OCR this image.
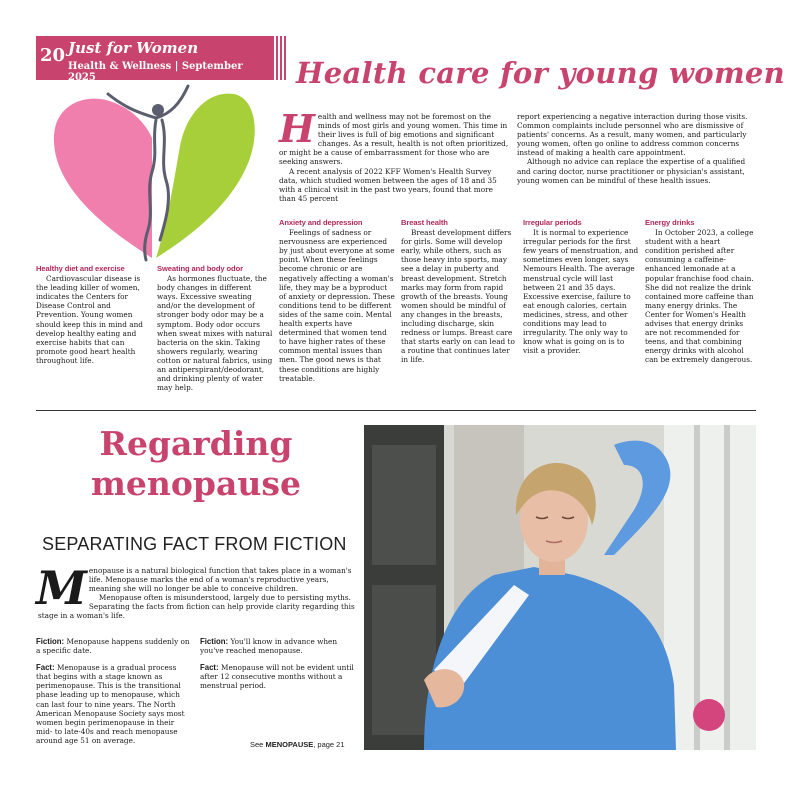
20 Just for Women
Health & Wellness | September 2025	Health care for young women

Health and wellness may not be foremost on the minds of most girls and young women. This time in their lives is full of big emotions and significant changes. As a result, health is not often prioritized, or might be a cause of embarrassment for those who are seeking answers.

A recent analysis of 2022 KFF Women's Health Survey data, which studied women between the ages of 18 and 35 with a clinical visit in the past two years, found that more than 45 percent

report experiencing a negative interaction during those visits. Common complaints include personnel who are dismissive of patients' concerns. As a result, many women, and particularly young women, often go online to address common concerns instead of making a health care appointment.

Although no advice can replace the expertise of a qualified and caring doctor, nurse practitioner or physician's assistant, young women can be mindful of these health issues.

Healthy diet and exercise

Cardiovascular disease is the leading killer of women, indicates the Centers for Disease Control and Prevention. Young women should keep this in mind and develop healthy eating and exercise habits that can promote good heart health throughout life.

Sweating and body odor

As hormones fluctuate, the body changes in different ways. Excessive sweating and/or the development of stronger body odor may be a symptom. Body odor occurs when sweat mixes with natural bacteria on the skin. Taking showers regularly, wearing cotton or natural fabrics, using an antiperspirant/deodorant, and drinking plenty of water may help.

Anxiety and depression

Feelings of sadness or nervousness are experienced by just about everyone at some point. When these feelings become chronic or are negatively affecting a woman's life, they may be a byproduct of anxiety or depression. These conditions tend to be different sides of the same coin. Mental health experts have determined that women tend to have higher rates of these common mental issues than men. The good news is that these conditions are highly treatable.

Breast health

Breast development differs for girls. Some will develop early, while others, such as those heavy into sports, may see a delay in puberty and breast development. Stretch marks may form from rapid growth of the breasts. Young women should be mindful of any changes in the breasts, including discharge, skin redness or lumps. Breast care that starts early on can lead to a routine that continues later in life.

Irregular periods

It is normal to experience irregular periods for the first few years of menstruation, and sometimes even longer, says Nemours Health. The average menstrual cycle will last between 21 and 35 days. Excessive exercise, failure to eat enough calories, certain medicines, stress, and other conditions may lead to irregularity. The only way to know what is going on is to visit a provider.

Energy drinks

In October 2023, a college student with a heart condition perished after consuming a caffeine-enhanced lemonade at a popular franchise food chain. She did not realize the drink contained more caffeine than many energy drinks. The Center for Women's Health advises that energy drinks are not recommended for teens, and that combining energy drinks with alcohol can be extremely dangerous.

Regarding
menopause
SEPARATING FACT FROM FICTION

Menopause is a natural biological function that takes place in a woman's life. Menopause marks the end of a woman's reproductive years, meaning she will no longer be able to conceive children.

Menopause often is misunderstood, largely due to persisting myths. Separating the facts from fiction can help provide clarity regarding this stage in a woman's life.

Fiction: Menopause happens suddenly on a specific date.

Fact: Menopause is a gradual process that begins with a stage known as perimenopause. This is the transitional phase leading up to menopause, which can last four to nine years. The North American Menopause Society says most women begin perimenopause in their mid- to late-40s and reach menopause around age 51 on average.

Fiction: You'll know in advance when you've reached menopause.

Fact: Menopause will not be evident until after 12 consecutive months without a menstrual period.

See MENOPAUSE, page 21
